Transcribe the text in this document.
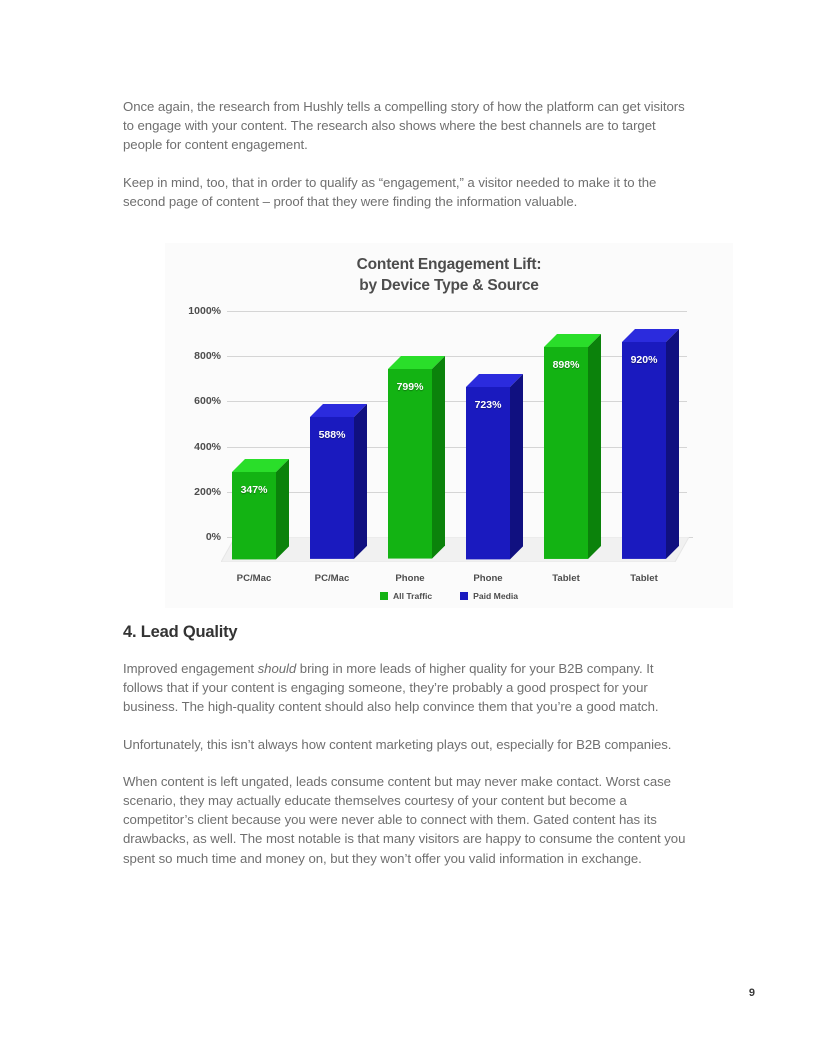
Once again, the research from Hushly tells a compelling story of how the platform can get visitors to engage with your content. The research also shows where the best channels are to target people for content engagement.

Keep in mind, too, that in order to qualify as “engagement,” a visitor needed to make it to the second page of content – proof that they were finding the information valuable.

Content Engagement Lift:
by Device Type & Source
0%
200%
400%
600%
800%
1000%
347%
588%
799%
723%
898%	920%
PC/Mac	PC/Mac	Phone	Phone	Tablet	Tablet
All Traffic	Paid Media
4. Lead Quality

Improved engagement should bring in more leads of higher quality for your B2B company. It follows that if your content is engaging someone, they’re probably a good prospect for your business. The high-quality content should also help convince them that you’re a good match.

Unfortunately, this isn’t always how content marketing plays out, especially for B2B companies.

When content is left ungated, leads consume content but may never make contact. Worst case scenario, they may actually educate themselves courtesy of your content but become a competitor’s client because you were never able to connect with them. Gated content has its drawbacks, as well. The most notable is that many visitors are happy to consume the content you spent so much time and money on, but they won’t offer you valid information in exchange.

9
